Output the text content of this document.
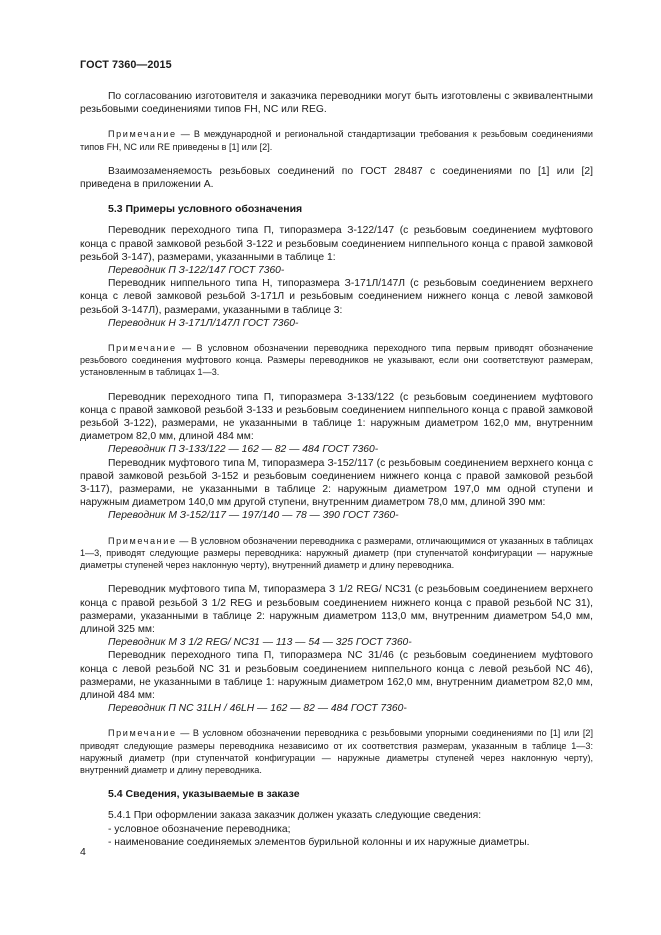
ГОСТ 7360—2015

По согласованию изготовителя и заказчика переводники могут быть изготовлены с эквивалентными резьбовыми соединениями типов FH, NC или REG.

Примечание — В международной и региональной стандартизации требования к резьбовым соединениями типов FH, NC или RE приведены в [1] или [2].

Взаимозаменяемость резьбовых соединений по ГОСТ 28487 с соединениями по [1] или [2] приведена в приложении А.

5.3 Примеры условного обозначения

Переводник переходного типа П, типоразмера З-122/147 (с резьбовым соединением муфтового конца с правой замковой резьбой З-122 и резьбовым соединением ниппельного конца с правой замковой резьбой З-147), размерами, указанными в таблице 1:

Переводник П З-122/147 ГОСТ 7360-

Переводник ниппельного типа Н, типоразмера З-171Л/147Л (с резьбовым соединением верхнего конца с левой замковой резьбой З-171Л и резьбовым соединением нижнего конца с левой замковой резьбой З-147Л), размерами, указанными в таблице 3:

Переводник Н З-171Л/147Л ГОСТ 7360-

Примечание — В условном обозначении переводника переходного типа первым приводят обозначение резьбового соединения муфтового конца. Размеры переводников не указывают, если они соответствуют размерам, установленным в таблицах 1—3.

Переводник переходного типа П, типоразмера З-133/122 (с резьбовым соединением муфтового конца с правой замковой резьбой З-133 и резьбовым соединением ниппельного конца с правой замковой резьбой З-122), размерами, не указанными в таблице 1: наружным диаметром 162,0 мм, внутренним диаметром 82,0 мм, длиной 484 мм:

Переводник П З-133/122 — 162 — 82 — 484 ГОСТ 7360-

Переводник муфтового типа М, типоразмера З-152/117 (с резьбовым соединением верхнего конца с правой замковой резьбой З-152 и резьбовым соединением нижнего конца с правой замковой резьбой З-117), размерами, не указанными в таблице 2: наружным диаметром 197,0 мм одной ступени и наружным диаметром 140,0 мм другой ступени, внутренним диаметром 78,0 мм, длиной 390 мм:

Переводник М З-152/117 — 197/140 — 78 — 390 ГОСТ 7360-

Примечание — В условном обозначении переводника с размерами, отличающимися от указанных в таблицах 1—3, приводят следующие размеры переводника: наружный диаметр (при ступенчатой конфигурации — наружные диаметры ступеней через наклонную черту), внутренний диаметр и длину переводника.

Переводник муфтового типа М, типоразмера З 1/2 REG/ NC31 (с резьбовым соединением верхнего конца с правой резьбой 3 1/2 REG и резьбовым соединением нижнего конца с правой резьбой NC 31), размерами, указанными в таблице 2: наружным диаметром 113,0 мм, внутренним диаметром 54,0 мм, длиной 325 мм:

Переводник М 3 1/2 REG/ NC31 — 113 — 54 — 325 ГОСТ 7360-

Переводник переходного типа П, типоразмера NC 31/46 (с резьбовым соединением муфтового конца с левой резьбой NC 31 и резьбовым соединением ниппельного конца с левой резьбой NC 46), размерами, не указанными в таблице 1: наружным диаметром 162,0 мм, внутренним диаметром 82,0 мм, длиной 484 мм:

Переводник П NC 31LH / 46LH — 162 — 82 — 484 ГОСТ 7360-

Примечание — В условном обозначении переводника с резьбовыми упорными соединениями по [1] или [2] приводят следующие размеры переводника независимо от их соответствия размерам, указанным в таблице 1—3: наружный диаметр (при ступенчатой конфигурации — наружные диаметры ступеней через наклонную черту), внутренний диаметр и длину переводника.

5.4 Сведения, указываемые в заказе

5.4.1 При оформлении заказа заказчик должен указать следующие сведения:

- условное обозначение переводника;

- наименование соединяемых элементов бурильной колонны и их наружные диаметры.

4
